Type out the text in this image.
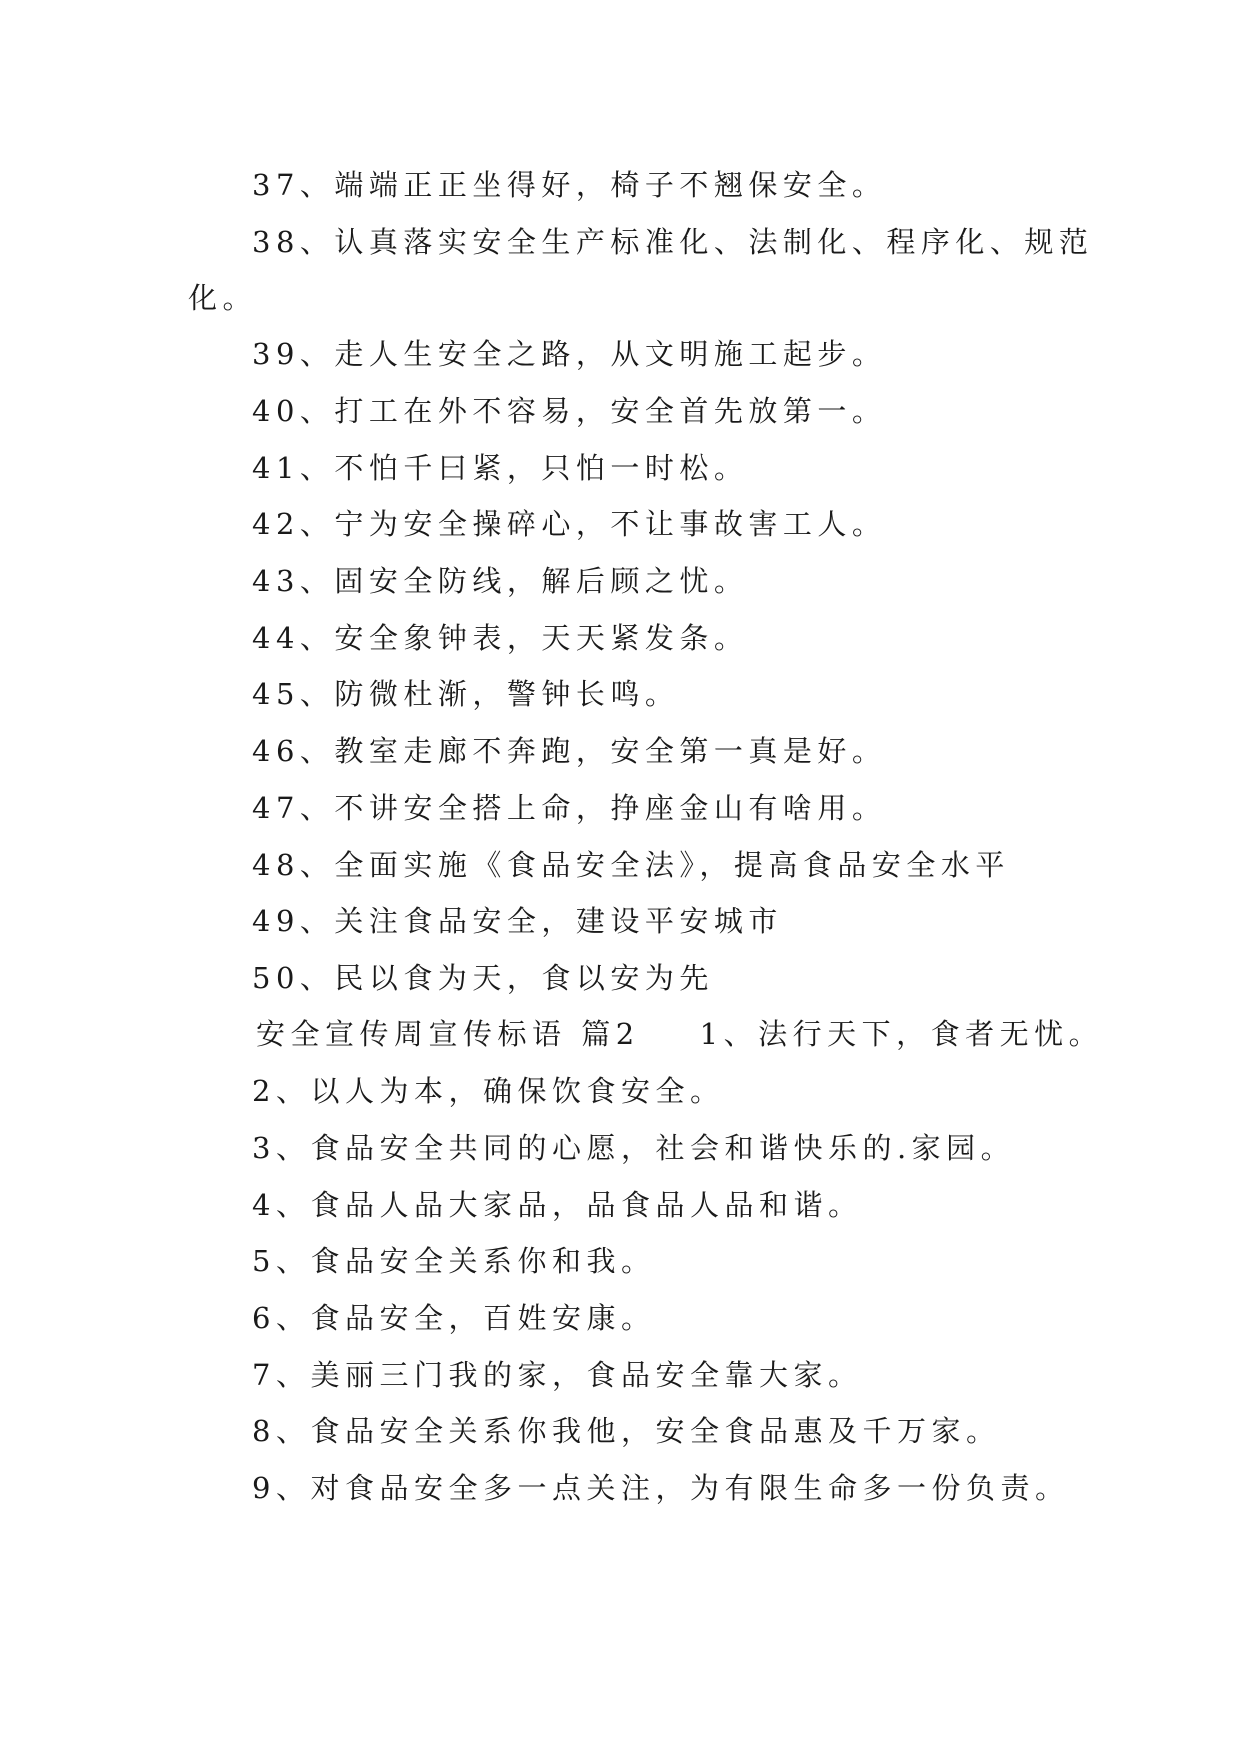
37、端端正正坐得好，椅子不翘保安全。
38、认真落实安全生产标准化、法制化、程序化、规范
化。
39、走人生安全之路，从文明施工起步。
40、打工在外不容易，安全首先放第一。
41、不怕千曰紧，只怕一时松。
42、宁为安全操碎心，不让事故害工人。
43、固安全防线，解后顾之忧。
44、安全象钟表，天天紧发条。
45、防微杜渐，警钟长鸣。
46、教室走廊不奔跑，安全第一真是好。
47、不讲安全搭上命，挣座金山有啥用。
48、全面实施《食品安全法》，提高食品安全水平
49、关注食品安全，建设平安城市
50、民以食为天，食以安为先
安全宣传周宣传标语 篇2 1、法行天下，食者无忧。
2、以人为本，确保饮食安全。
3、食品安全共同的心愿，社会和谐快乐的.家园。
4、食品人品大家品，品食品人品和谐。
5、食品安全关系你和我。
6、食品安全，百姓安康。
7、美丽三门我的家，食品安全靠大家。
8、食品安全关系你我他，安全食品惠及千万家。
9、对食品安全多一点关注，为有限生命多一份负责。
